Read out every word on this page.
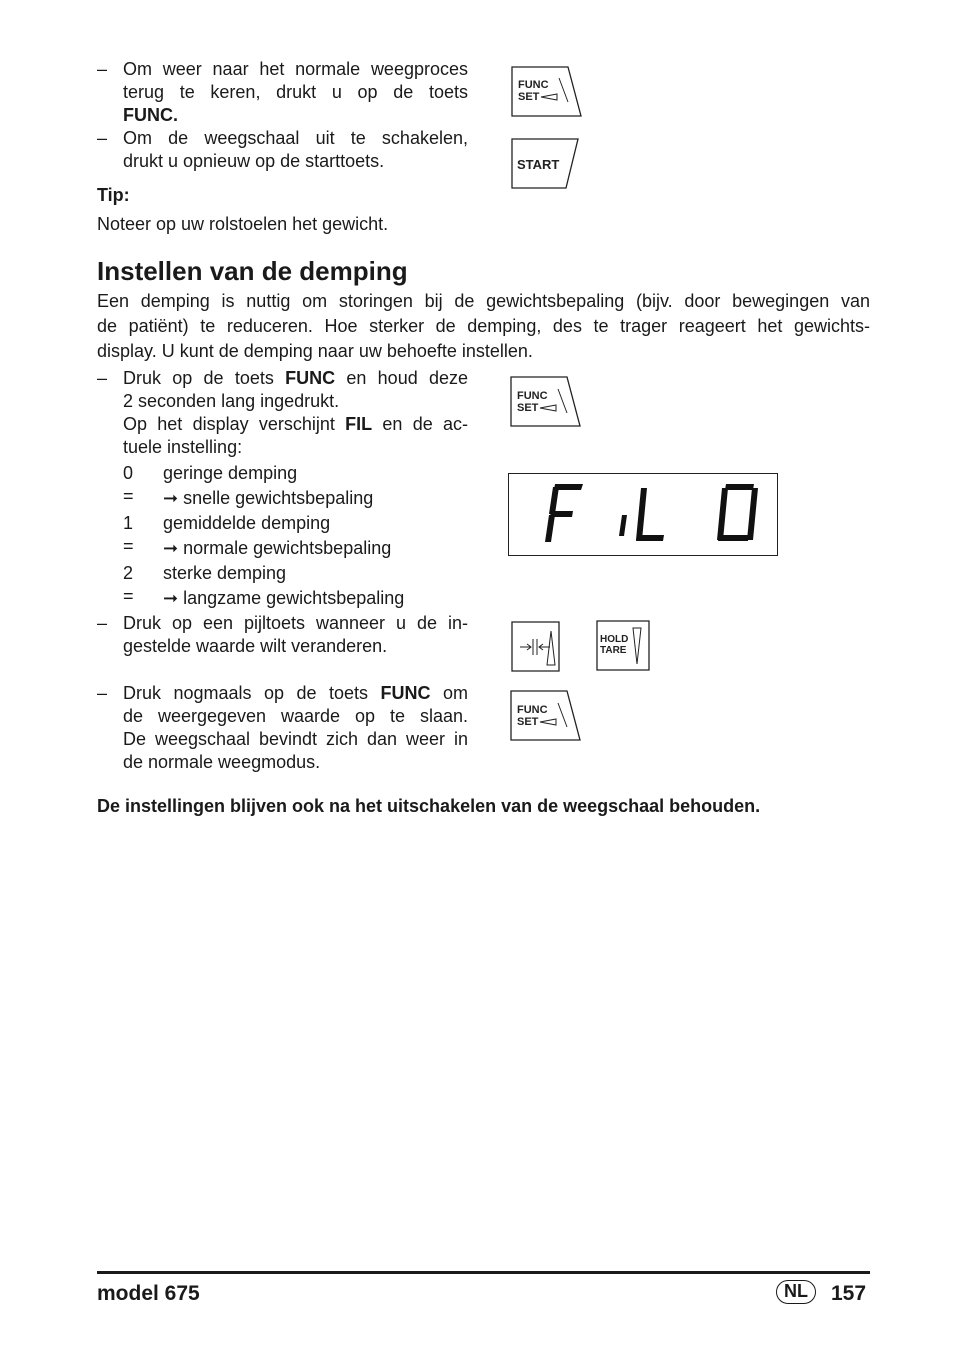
– Om weer naar het normale weegproces
terug te keren, drukt u op de toets
FUNC.
– Om de weegschaal uit te schakelen,
drukt u opnieuw op de starttoets.
Tip:
Noteer op uw rolstoelen het gewicht.
Instellen van de demping
Een demping is nuttig om storingen bij de gewichtsbepaling (bijv. door bewegingen van
de patiënt) te reduceren. Hoe sterker de demping, des te trager reageert het gewichts-
display. U kunt de demping naar uw behoefte instellen.
– Druk op de toets FUNC en houd deze
2 seconden lang ingedrukt.
Op het display verschijnt FIL en de ac-
tuele instelling:
0 =
geringe demping
➞ snelle gewichtsbepaling
1 =
gemiddelde demping
➞ normale gewichtsbepaling
2 =
sterke demping
➞ langzame gewichtsbepaling
– Druk op een pijltoets wanneer u de in-
gestelde waarde wilt veranderen.
– Druk nogmaals op de toets FUNC om
de weergegeven waarde op te slaan.
De weegschaal bevindt zich dan weer in
de normale weegmodus.
De instellingen blijven ook na het uitschakelen van de weegschaal behouden.
FUNC
SET
START
FUNC
SET
FIL 0
HOLD
TARE
FUNC
SET
model 675	NL	157
